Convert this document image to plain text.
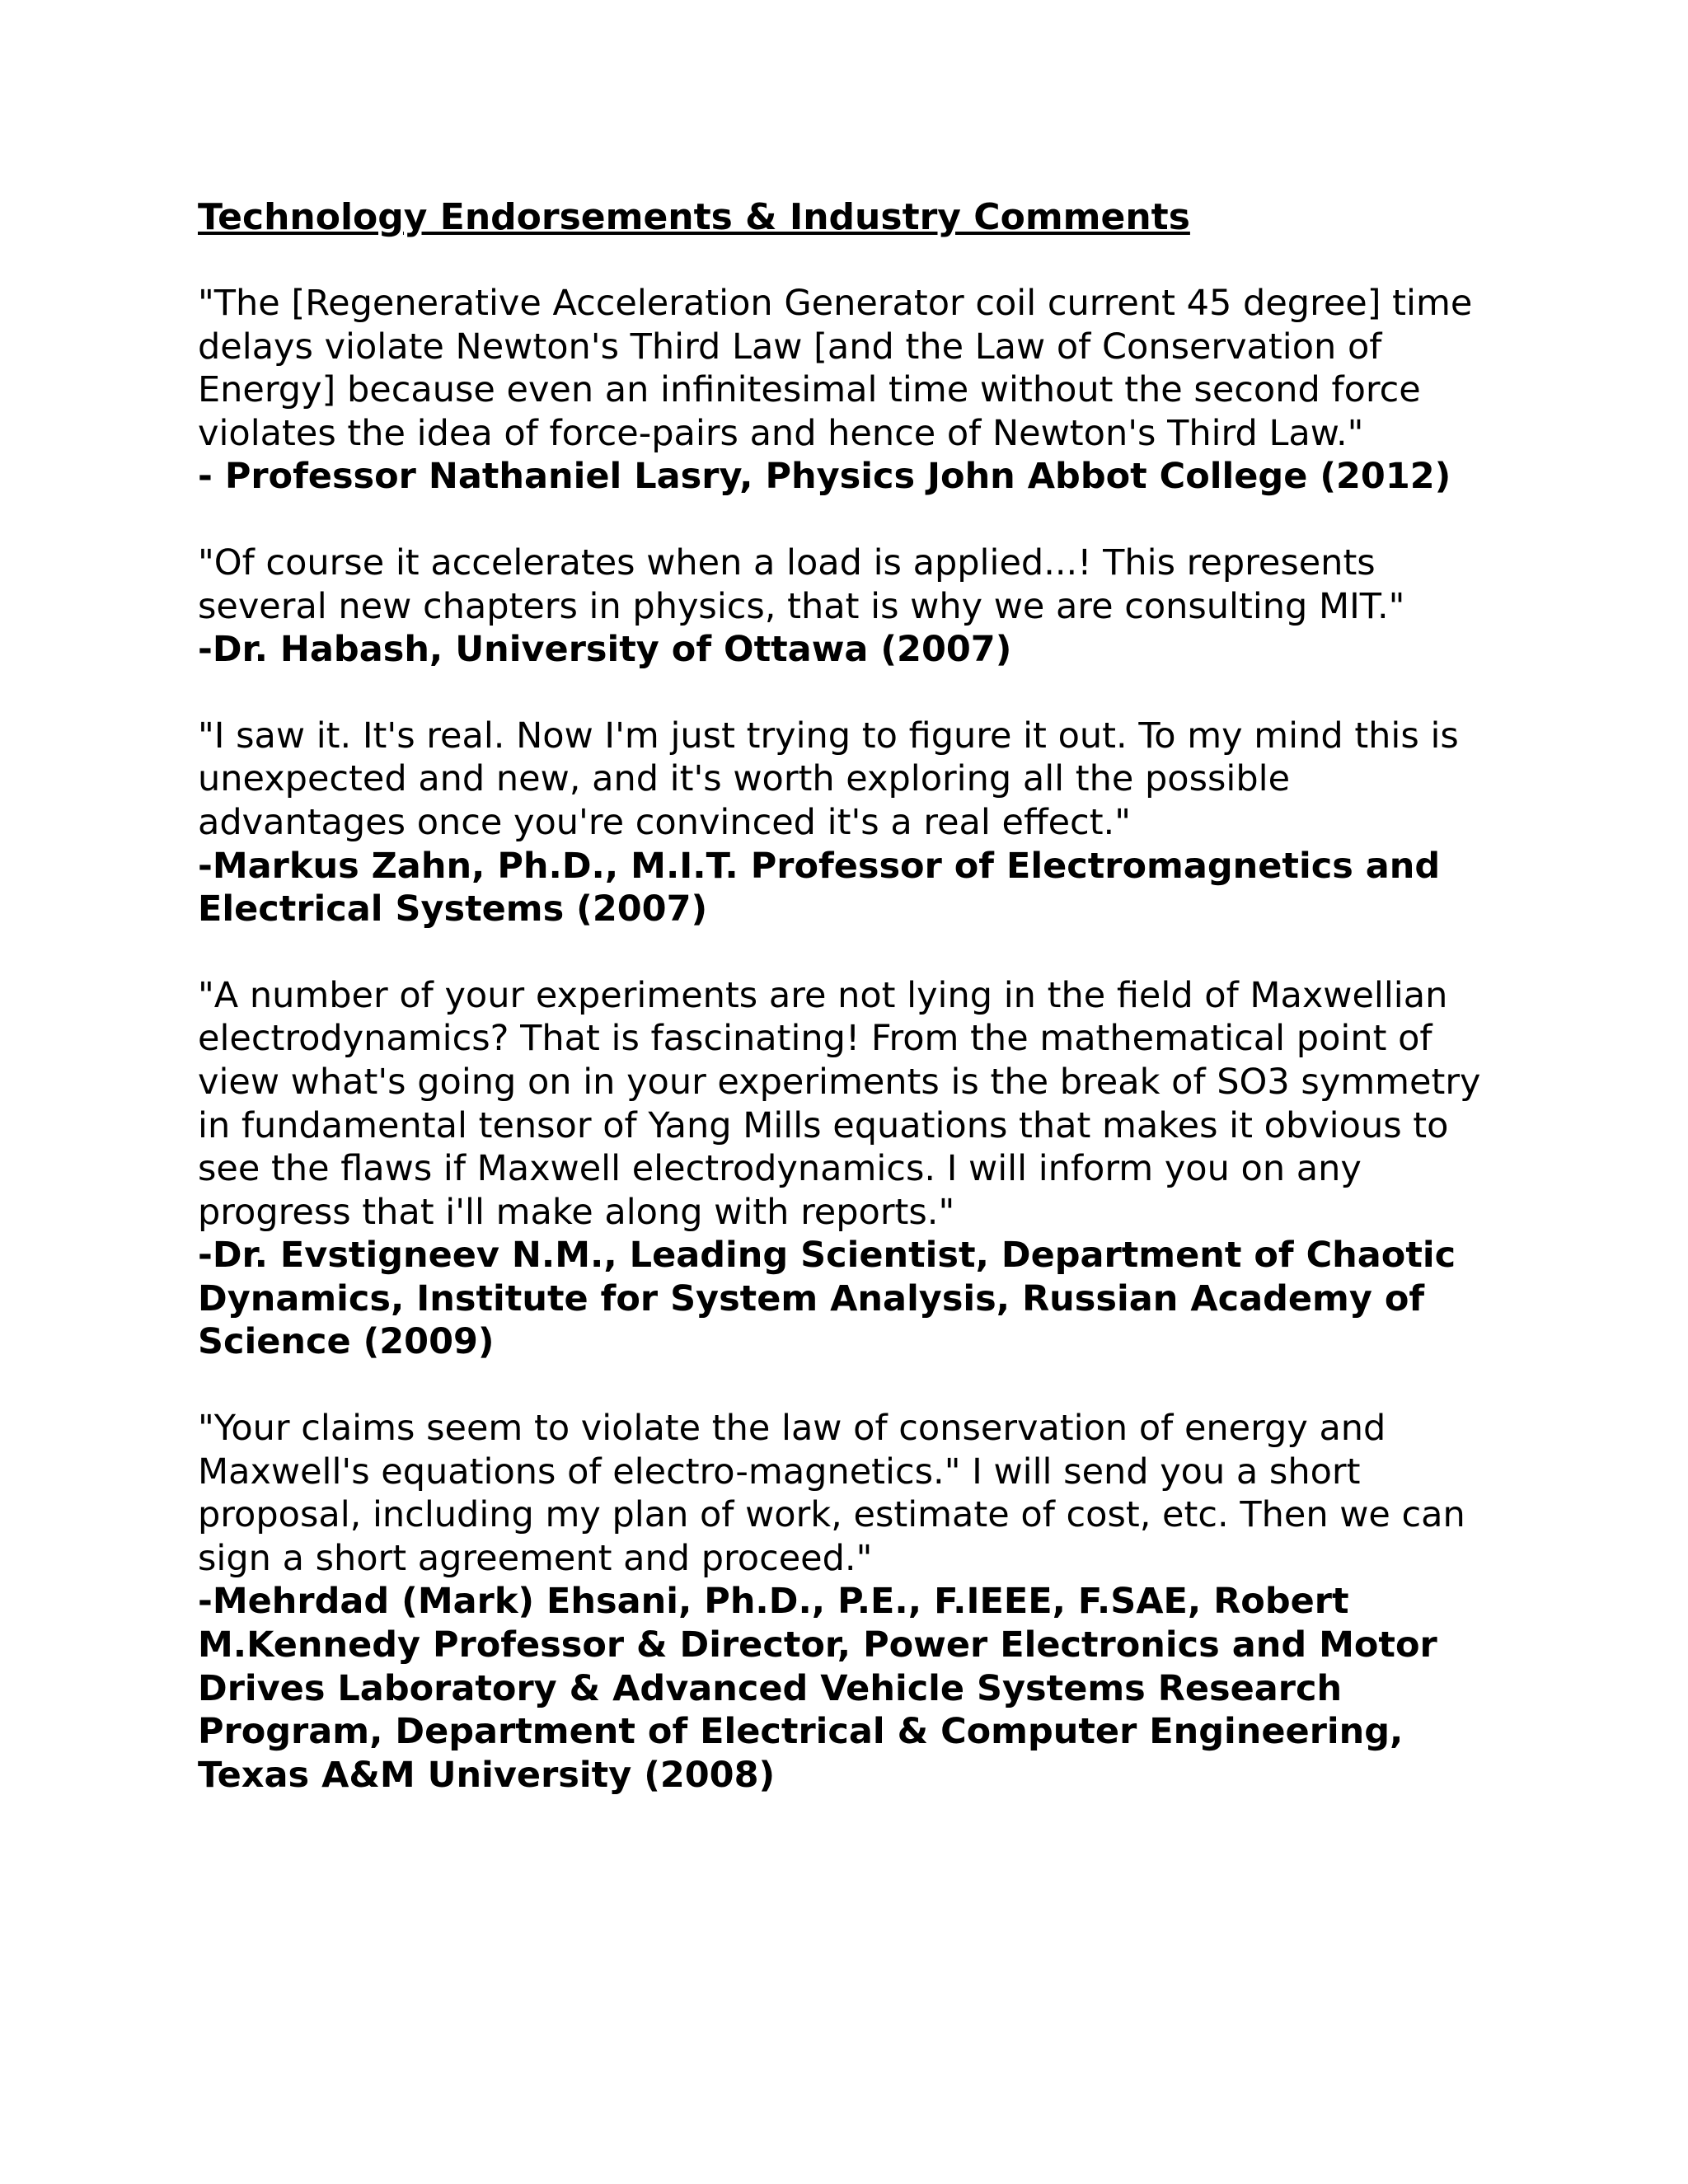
Technology Endorsements & Industry Comments

"The [Regenerative Acceleration Generator coil current 45 degree] time delays violate Newton's Third Law [and the Law of Conservation of Energy] because even an infinitesimal time without the second force violates the idea of force-pairs and hence of Newton's Third Law."

- Professor Nathaniel Lasry, Physics John Abbot College (2012)

"Of course it accelerates when a load is applied...! This represents several new chapters in physics, that is why we are consulting MIT."

-Dr. Habash, University of Ottawa (2007)

"I saw it. It's real. Now I'm just trying to figure it out. To my mind this is unexpected and new, and it's worth exploring all the possible advantages once you're convinced it's a real effect."

-Markus Zahn, Ph.D., M.I.T. Professor of Electromagnetics and Electrical Systems (2007)

"A number of your experiments are not lying in the field of Maxwellian electrodynamics? That is fascinating! From the mathematical point of view what's going on in your experiments is the break of SO3 symmetry in fundamental tensor of Yang Mills equations that makes it obvious to see the flaws if Maxwell electrodynamics. I will inform you on any progress that i'll make along with reports."

-Dr. Evstigneev N.M., Leading Scientist, Department of Chaotic Dynamics, Institute for System Analysis, Russian Academy of Science (2009)

"Your claims seem to violate the law of conservation of energy and Maxwell's equations of electro-magnetics." I will send you a short proposal, including my plan of work, estimate of cost, etc. Then we can sign a short agreement and proceed."

-Mehrdad (Mark) Ehsani, Ph.D., P.E., F.IEEE, F.SAE, Robert M.Kennedy Professor & Director, Power Electronics and Motor Drives Laboratory & Advanced Vehicle Systems Research Program, Department of Electrical & Computer Engineering, Texas A&M University (2008)
